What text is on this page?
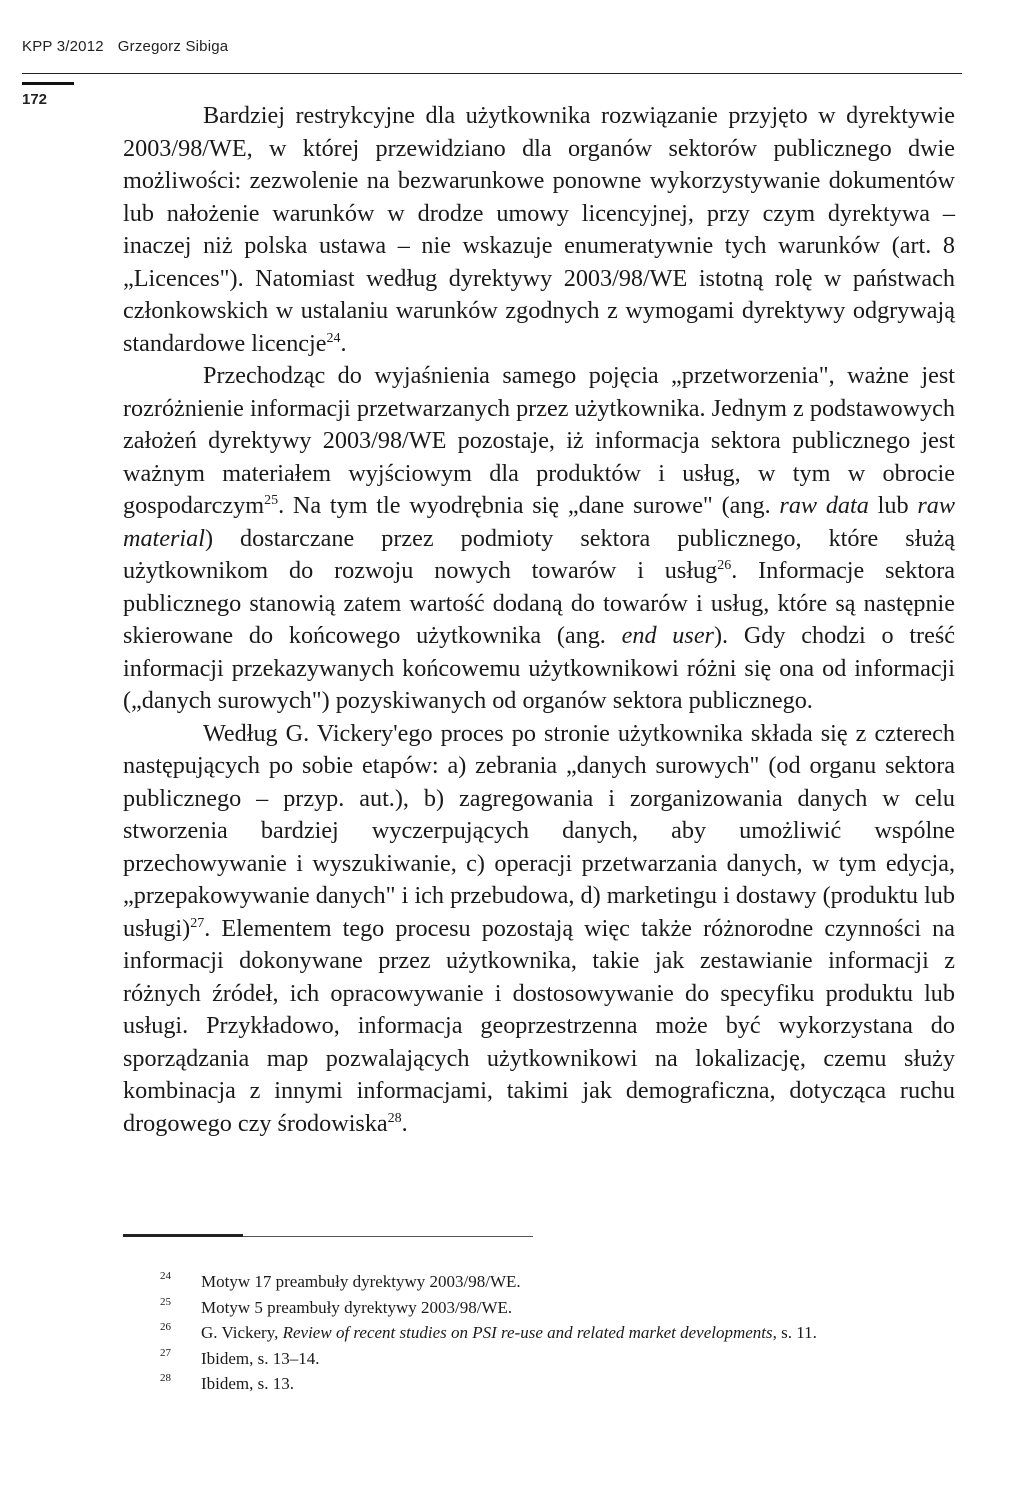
KPP 3/2012 Grzegorz Sibiga
172

Bardziej restrykcyjne dla użytkownika rozwiązanie przyjęto w dyrektywie 2003/98/WE, w której przewidziano dla organów sektorów publicznego dwie możliwości: zezwolenie na bezwarunkowe ponowne wykorzystywanie dokumentów lub nałożenie warunków w drodze umowy licencyjnej, przy czym dyrektywa – inaczej niż polska ustawa – nie wskazuje enumeratywnie tych warunków (art. 8 „Licences"). Natomiast według dyrektywy 2003/98/WE istotną rolę w państwach członkowskich w ustalaniu warunków zgodnych z wymogami dyrektywy odgrywają standardowe licencje$^{24}$.

Przechodząc do wyjaśnienia samego pojęcia „przetworzenia", ważne jest rozróżnienie informacji przetwarzanych przez użytkownika. Jednym z podstawowych założeń dyrektywy 2003/98/WE pozostaje, iż informacja sektora publicznego jest ważnym materiałem wyjściowym dla produktów i usług, w tym w obrocie gospodarczym$^{25}$. Na tym tle wyodrębnia się „dane surowe" (ang. raw data lub raw material) dostarczane przez podmioty sektora publicznego, które służą użytkownikom do rozwoju nowych towarów i usług$^{26}$. Informacje sektora publicznego stanowią zatem wartość dodaną do towarów i usług, które są następnie skierowane do końcowego użytkownika (ang. end user). Gdy chodzi o treść informacji przekazywanych końcowemu użytkownikowi różni się ona od informacji („danych surowych") pozyskiwanych od organów sektora publicznego.

Według G. Vickery'ego proces po stronie użytkownika składa się z czterech następujących po sobie etapów: a) zebrania „danych surowych" (od organu sektora publicznego – przyp. aut.), b) zagregowania i zorganizowania danych w celu stworzenia bardziej wyczerpujących danych, aby umożliwić wspólne przechowywanie i wyszukiwanie, c) operacji przetwarzania danych, w tym edycja, „przepakowywanie danych" i ich przebudowa, d) marketingu i dostawy (produktu lub usługi)$^{27}$. Elementem tego procesu pozostają więc także różnorodne czynności na informacji dokonywane przez użytkownika, takie jak zestawianie informacji z różnych źródeł, ich opracowywanie i dostosowywanie do specyfiku produktu lub usługi. Przykładowo, informacja geoprzestrzenna może być wykorzystana do sporządzania map pozwalających użytkownikowi na lokalizację, czemu służy kombinacja z innymi informacjami, takimi jak demograficzna, dotycząca ruchu drogowego czy środowiska$^{28}$.

24 Motyw 17 preambuły dyrektywy 2003/98/WE.

25 Motyw 5 preambuły dyrektywy 2003/98/WE.

26 G. Vickery, Review of recent studies on PSI re-use and related market developments, s. 11.

27 Ibidem, s. 13–14.

28 Ibidem, s. 13.
